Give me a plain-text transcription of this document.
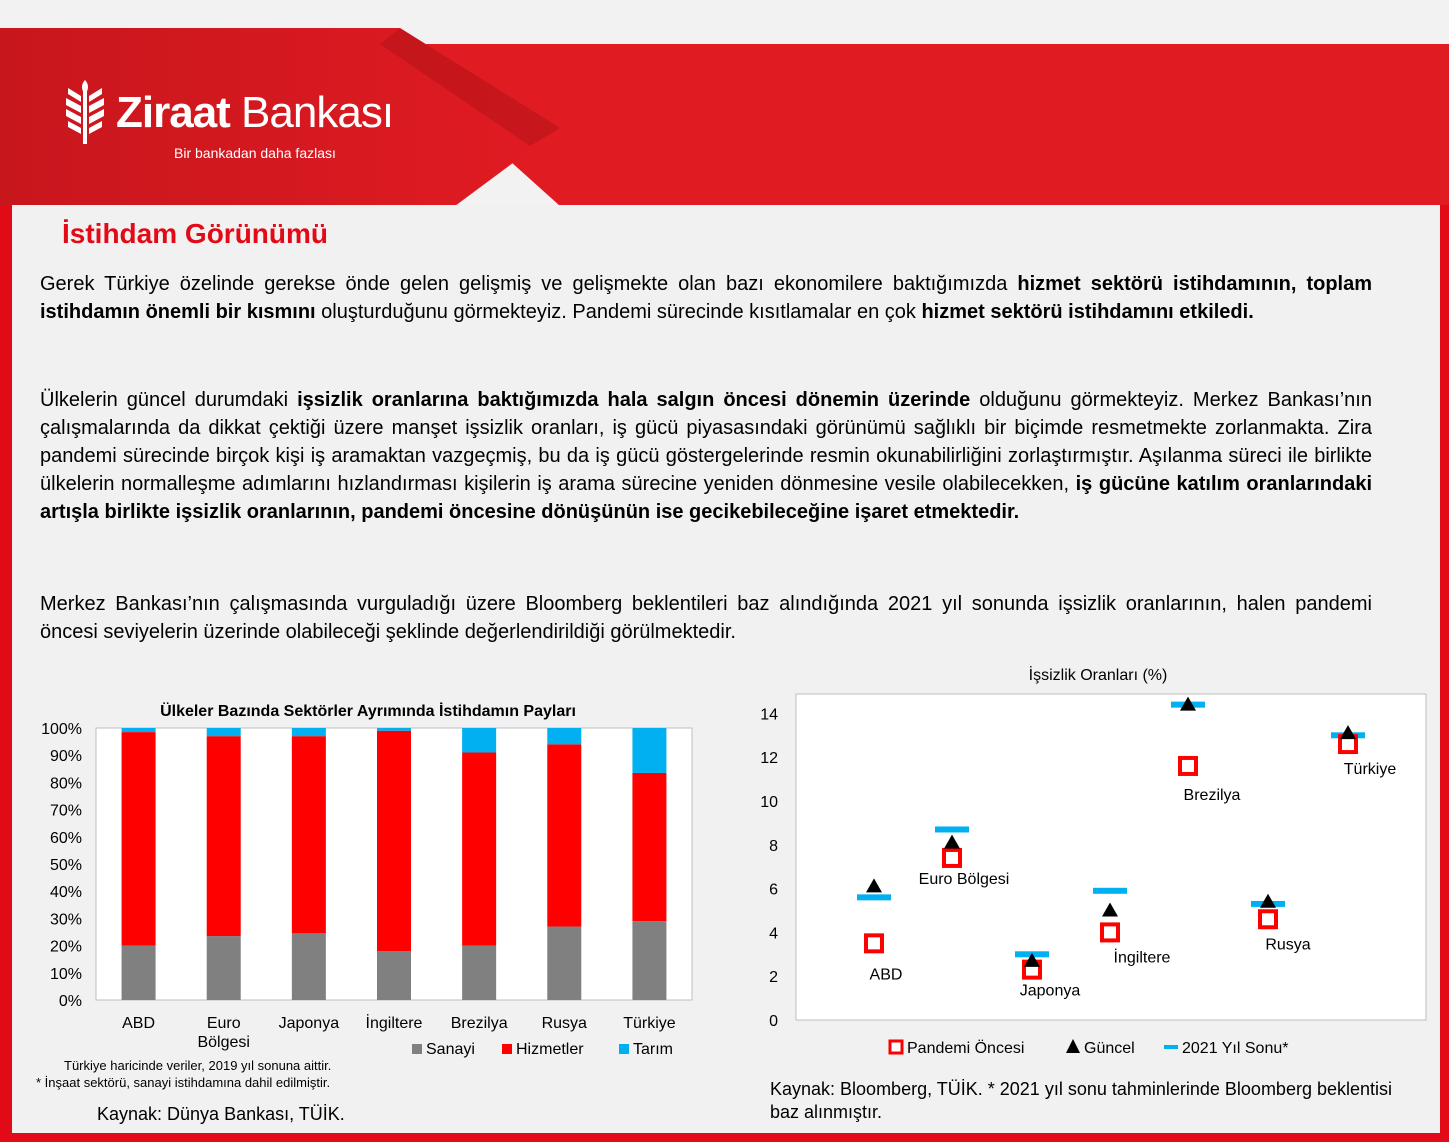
Ziraat Bankası
Bir bankadan daha fazlası
İstihdam Görünümü

Gerek Türkiye özelinde gerekse önde gelen gelişmiş ve gelişmekte olan bazı ekonomilere baktığımızda hizmet sektörü istihdamının, toplam istihdamın önemli bir kısmını oluşturduğunu görmekteyiz. Pandemi sürecinde kısıtlamalar en çok hizmet sektörü istihdamını etkiledi.

Ülkelerin güncel durumdaki işsizlik oranlarına baktığımızda hala salgın öncesi dönemin üzerinde olduğunu görmekteyiz. Merkez Bankası’nın çalışmalarında da dikkat çektiği üzere manşet işsizlik oranları, iş gücü piyasasındaki görünümü sağlıklı bir biçimde resmetmekte zorlanmakta. Zira pandemi sürecinde birçok kişi iş aramaktan vazgeçmiş, bu da iş gücü göstergelerinde resmin okunabilirliğini zorlaştırmıştır. Aşılanma süreci ile birlikte ülkelerin normalleşme adımlarını hızlandırması kişilerin iş arama sürecine yeniden dönmesine vesile olabilecekken, iş gücüne katılım oranlarındaki artışla birlikte işsizlik oranlarının, pandemi öncesine dönüşünün ise gecikebileceğine işaret etmektedir.

Merkez Bankası’nın çalışmasında vurguladığı üzere Bloomberg beklentileri baz alındığında 2021 yıl sonunda işsizlik oranlarının, halen pandemi öncesi seviyelerin üzerinde olabileceği şeklinde değerlendirildiği görülmektedir.

Ülkeler Bazında Sektörler Ayrımında İstihdamın Payları
0%
10%
20%
30%
40%
50%
60%
70%
80%
90%
100%
ABD	Euro
Bölgesi
Japonya İngiltere Brezilya Rusya Türkiye
Sanayi	Hizmetler	Tarım
Türkiye haricinde veriler, 2019 yıl sonuna aittir.
* İnşaat sektörü, sanayi istihdamına dahil edilmiştir.
Kaynak: Dünya Bankası, TÜİK.
İşsizlik Oranları (%)
0
2
4
6
8
10
12
14
ABD
Euro Bölgesi
Japonya
İngiltere
Brezilya
Rusya
Türkiye
Pandemi Öncesi	Güncel	2021 Yıl Sonu*
Kaynak: Bloomberg, TÜİK. * 2021 yıl sonu tahminlerinde Bloomberg beklentisi baz alınmıştır.
